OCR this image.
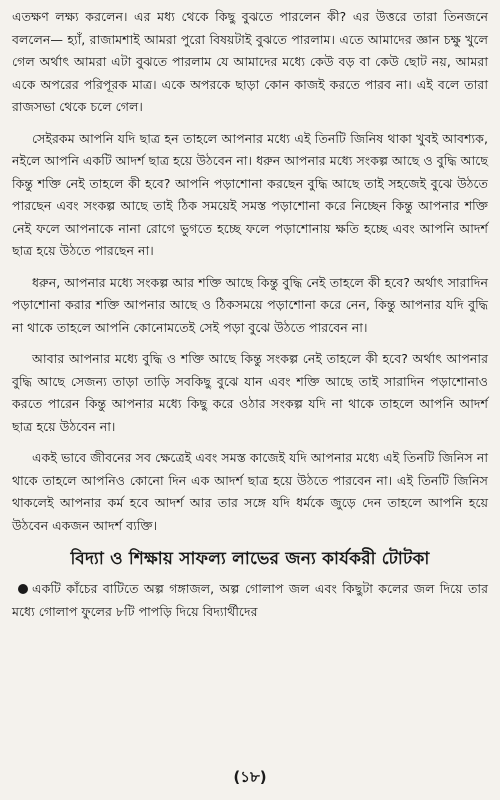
এতক্ষণ লক্ষ্য করলেন। এর মধ্য থেকে কিছু বুঝতে পারলেন কী? এর উত্তরে তারা তিনজনে বললেন— হ্যাঁ, রাজামশাই আমরা পুরো বিষয়টাই বুঝতে পারলাম। এতে আমাদের জ্ঞান চক্ষু খুলে গেল অর্থাৎ আমরা এটা বুঝতে পারলাম যে আমাদের মধ্যে কেউ বড় বা কেউ ছোট নয়, আমরা একে অপরের পরিপূরক মাত্র। একে অপরকে ছাড়া কোন কাজই করতে পারব না। এই বলে তারা রাজসভা থেকে চলে গেল।

সেইরকম আপনি যদি ছাত্র হন তাহলে আপনার মধ্যে এই তিনটি জিনিষ থাকা খুবই আবশ্যক, নইলে আপনি একটি আদর্শ ছাত্র হয়ে উঠবেন না। ধরুন আপনার মধ্যে সংকল্প আছে ও বুদ্ধি আছে কিন্তু শক্তি নেই তাহলে কী হবে? আপনি পড়াশোনা করছেন বুদ্ধি আছে তাই সহজেই বুঝে উঠতে পারছেন এবং সংকল্প আছে তাই ঠিক সময়েই সমস্ত পড়াশোনা করে নিচ্ছেন কিন্তু আপনার শক্তি নেই ফলে আপনাকে নানা রোগে ভুগতে হচ্ছে ফলে পড়াশোনায় ক্ষতি হচ্ছে এবং আপনি আদর্শ ছাত্র হয়ে উঠতে পারছেন না।

ধরুন, আপনার মধ্যে সংকল্প আর শক্তি আছে কিন্তু বুদ্ধি নেই তাহলে কী হবে? অর্থাৎ সারাদিন পড়াশোনা করার শক্তি আপনার আছে ও ঠিকসময়ে পড়াশোনা করে নেন, কিন্তু আপনার যদি বুদ্ধি না থাকে তাহলে আপনি কোনোমতেই সেই পড়া বুঝে উঠতে পারবেন না।

আবার আপনার মধ্যে বুদ্ধি ও শক্তি আছে কিন্তু সংকল্প নেই তাহলে কী হবে? অর্থাৎ আপনার বুদ্ধি আছে সেজন্য তাড়া তাড়ি সবকিছু বুঝে যান এবং শক্তি আছে তাই সারাদিন পড়াশোনাও করতে পারেন কিন্তু আপনার মধ্যে কিছু করে ওঠার সংকল্প যদি না থাকে তাহলে আপনি আদর্শ ছাত্র হয়ে উঠবেন না।

একই ভাবে জীবনের সব ক্ষেত্রেই এবং সমস্ত কাজেই যদি আপনার মধ্যে এই তিনটি জিনিস না থাকে তাহলে আপনিও কোনো দিন এক আদর্শ ছাত্র হয়ে উঠতে পারবেন না। এই তিনটি জিনিস থাকলেই আপনার কর্ম হবে আদর্শ আর তার সঙ্গে যদি ধর্মকে জুড়ে দেন তাহলে আপনি হয়ে উঠবেন একজন আদর্শ ব্যক্তি।

বিদ্যা ও শিক্ষায় সাফল্য লাভের জন্য কার্যকরী টোটকা

একটি কাঁচের বাটিতে অল্প গঙ্গাজল, অল্প গোলাপ জল এবং কিছুটা কলের জল দিয়ে তার মধ্যে গোলাপ ফুলের ৮টি পাপড়ি দিয়ে বিদ্যার্থীদের

(১৮)
